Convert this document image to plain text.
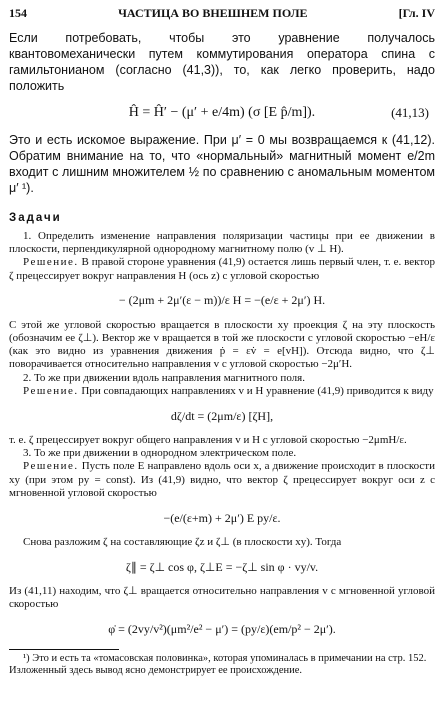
154	ЧАСТИЦА ВО ВНЕШНЕМ ПОЛЕ	[Гл. IV

Если потребовать, чтобы это уравнение получалось квантовомеханически путем коммутирования оператора спина с гамильтонианом (согласно (41,3)), то, как легко проверить, надо положить

Ĥ = Ĥ′ − (μ′ + e/4m) (σ [E p̂/m]).	(41,13)

Это и есть искомое выражение. При μ′ = 0 мы возвращаемся к (41,12). Обратим внимание на то, что «нормальный» магнитный момент e/2m входит с лишним множителем ½ по сравнению с аномальным моментом μ′ ¹).

Задачи

1. Определить изменение направления поляризации частицы при ее движении в плоскости, перпендикулярной однородному магнитному полю (v ⊥ H).

Решение. В правой стороне уравнения (41,9) остается лишь первый член, т. е. вектор ζ прецессирует вокруг направления H (ось z) с угловой скоростью

− (2μm + 2μ′(ε − m))/ε H = −(e/ε + 2μ′) H.

С этой же угловой скоростью вращается в плоскости xy проекция ζ на эту плоскость (обозначим ее ζ⊥). Вектор же v вращается в той же плоскости с угловой скоростью −eH/ε (как это видно из уравнения движения ṗ = εv̇ = e[vH]). Отсюда видно, что ζ⊥ поворачивается относительно направления v с угловой скоростью −2μ′H.

2. То же при движении вдоль направления магнитного поля.

Решение. При совпадающих направлениях v и H уравнение (41,9) приводится к виду

dζ/dt = (2μm/ε) [ζH],

т. е. ζ прецессирует вокруг общего направления v и H с угловой скоростью −2μmH/ε.

3. То же при движении в однородном электрическом поле.

Решение. Пусть поле E направлено вдоль оси x, а движение происходит в плоскости xy (при этом py = const). Из (41,9) видно, что вектор ζ прецессирует вокруг оси z с мгновенной угловой скоростью

−(e/(ε+m) + 2μ′) E py/ε.

Снова разложим ζ на составляющие ζz и ζ⊥ (в плоскости xy). Тогда

ζ∥ = ζ⊥ cos φ, ζ⊥E = −ζ⊥ sin φ · vy/v.

Из (41,11) находим, что ζ⊥ вращается относительно направления v с мгновенной угловой скоростью

φ̇ = (2vy/v²)(μm²/e² − μ′) = (py/ε)(em/p² − 2μ′).

¹) Это и есть та «томасовская половинка», которая упоминалась в примечании на стр. 152. Изложенный здесь вывод ясно демонстрирует ее происхождение.
